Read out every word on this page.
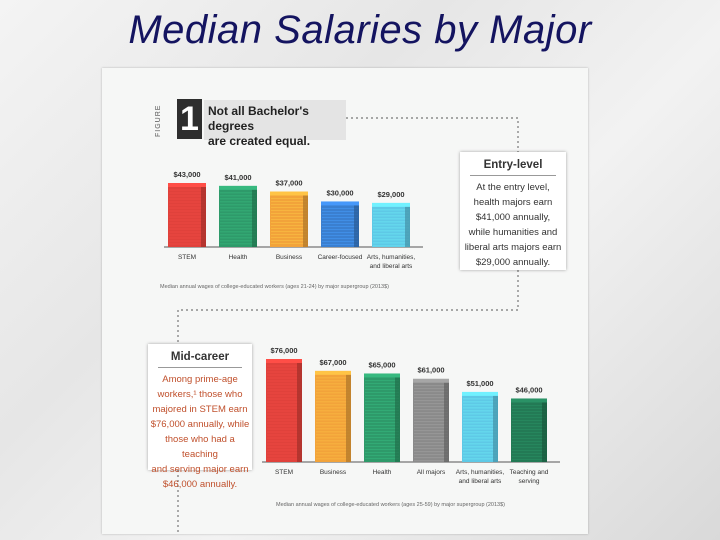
Median Salaries by Major
FIGURE 1 Not all Bachelor's degrees
are created equal.
$43,000
STEM
$41,000
Health
$37,000
Business
$30,000
Career-focused
$29,000
Arts, humanities,
and liberal arts
$76,000
STEM
$67,000
Business
$65,000
Health
$61,000
All majors
$51,000
Arts, humanities,
and liberal arts
$46,000
Teaching and
serving
Entry-level
At the entry level,
health majors earn
$41,000 annually,
while humanities and
liberal arts majors earn
$29,000 annually.
Mid-career
Among prime-age
workers,¹ those who
majored in STEM earn
$76,000 annually, while
those who had a teaching
and serving major earn
$46,000 annually.
Median annual wages of college-educated workers (ages 21-24) by major supergroup (2013$)
Median annual wages of college-educated workers (ages 25-59) by major supergroup (2013$)
